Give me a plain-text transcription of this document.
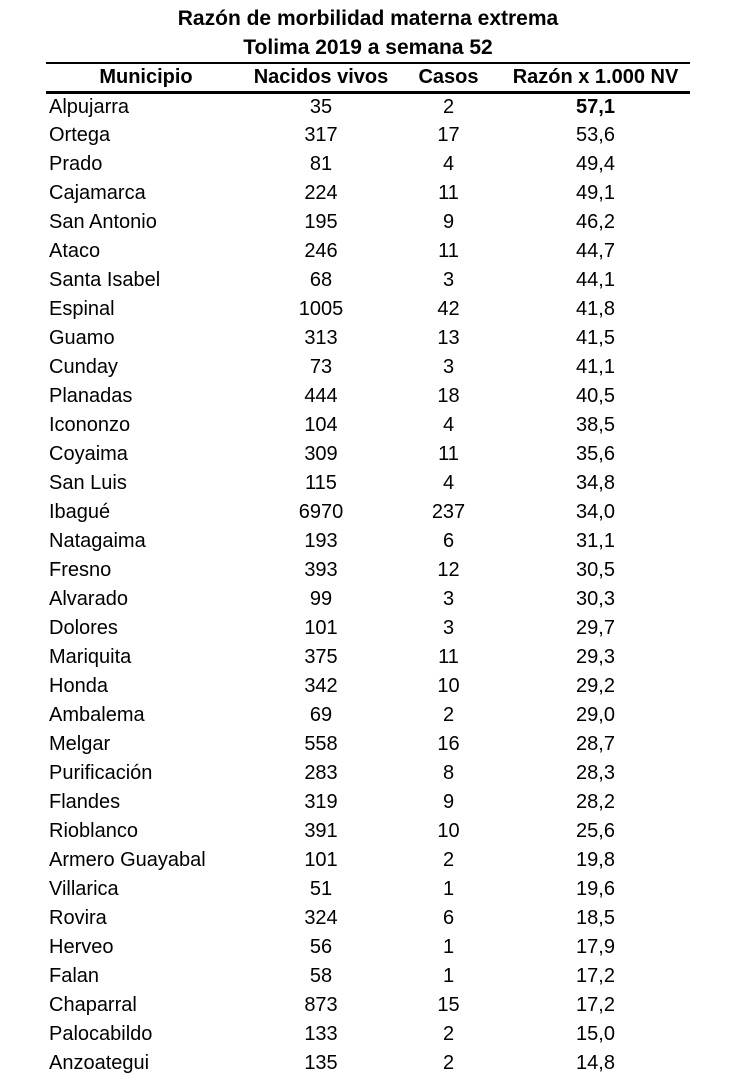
Razón de morbilidad materna extrema
Tolima 2019 a semana 52
Municipio	Nacidos vivos	Casos	Razón x 1.000 NV
Alpujarra	35	2	57,1
Ortega	317	17	53,6
Prado	81	4	49,4
Cajamarca	224	11	49,1
San Antonio	195	9	46,2
Ataco	246	11	44,7
Santa Isabel	68	3	44,1
Espinal	1005	42	41,8
Guamo	313	13	41,5
Cunday	73	3	41,1
Planadas	444	18	40,5
Icononzo	104	4	38,5
Coyaima	309	11	35,6
San Luis	115	4	34,8
Ibagué	6970	237	34,0
Natagaima	193	6	31,1
Fresno	393	12	30,5
Alvarado	99	3	30,3
Dolores	101	3	29,7
Mariquita	375	11	29,3
Honda	342	10	29,2
Ambalema	69	2	29,0
Melgar	558	16	28,7
Purificación	283	8	28,3
Flandes	319	9	28,2
Rioblanco	391	10	25,6
Armero Guayabal	101	2	19,8
Villarica	51	1	19,6
Rovira	324	6	18,5
Herveo	56	1	17,9
Falan	58	1	17,2
Chaparral	873	15	17,2
Palocabildo	133	2	15,0
Anzoategui	135	2	14,8
